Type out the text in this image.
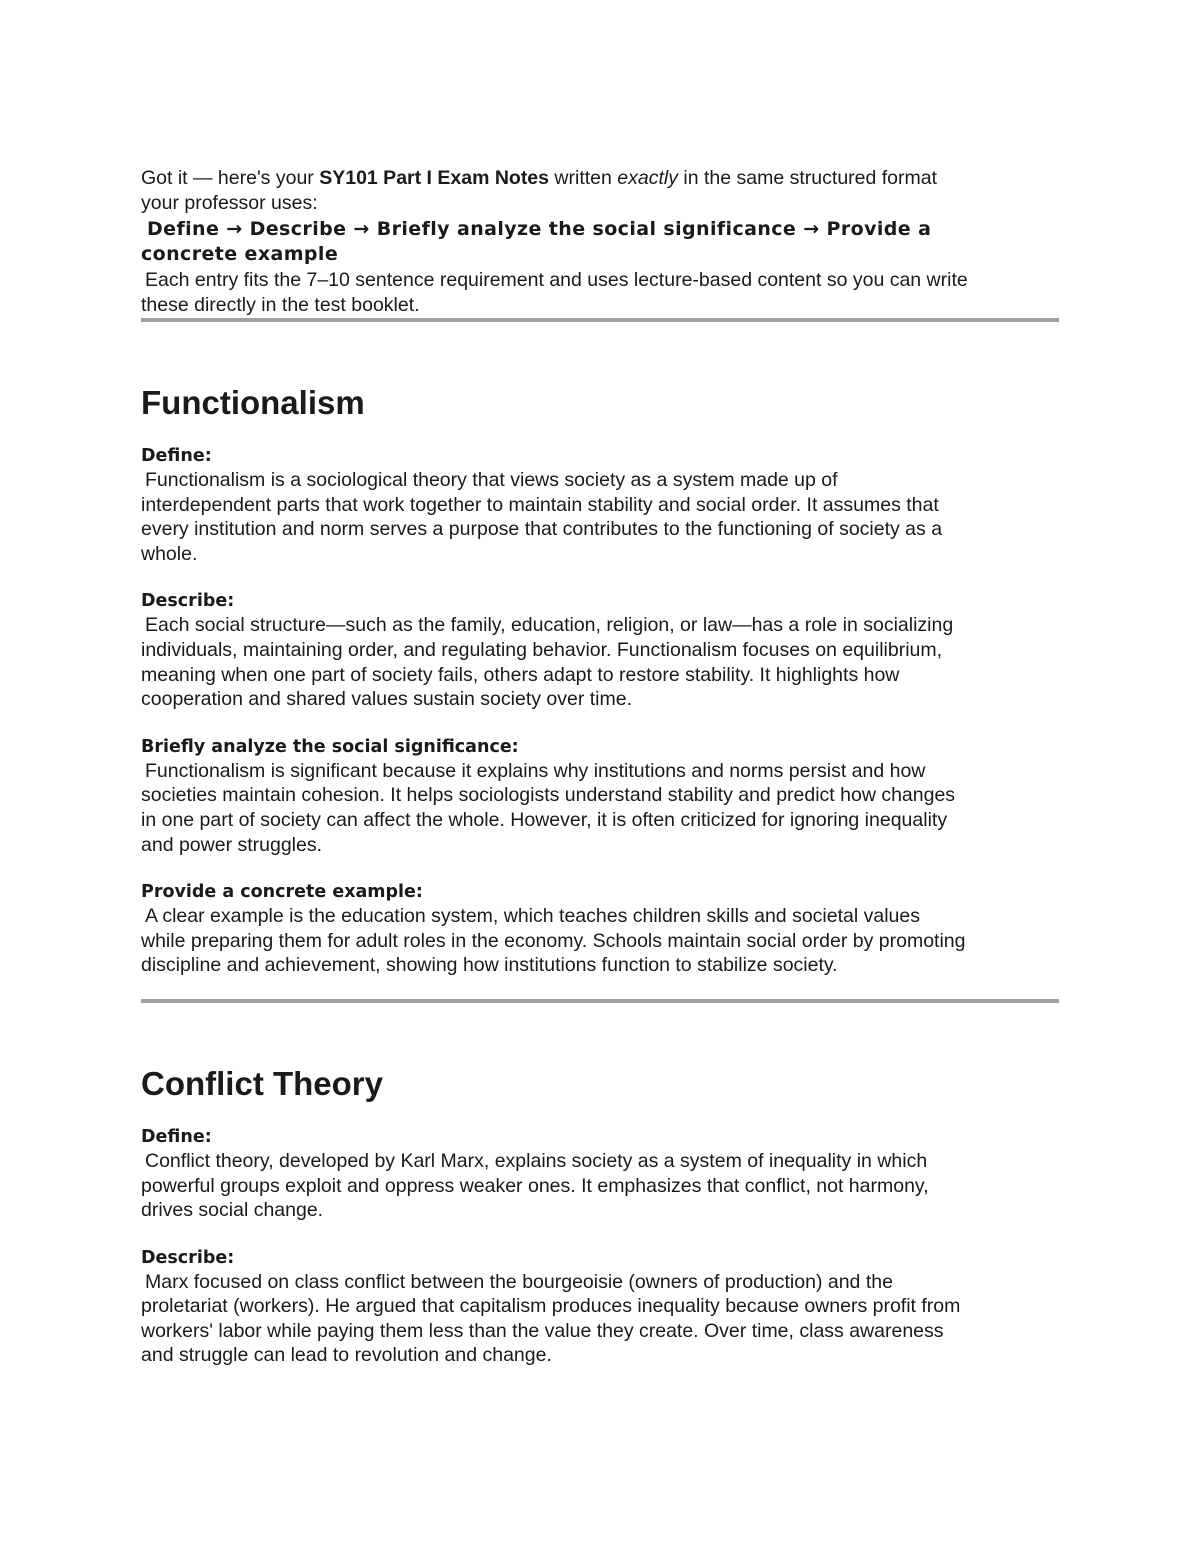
Got it — here's your SY101 Part I Exam Notes written exactly in the same structured format
your professor uses:
Define → Describe → Briefly analyze the social significance → Provide a
concrete example
Each entry fits the 7–10 sentence requirement and uses lecture-based content so you can write
these directly in the test booklet.

Functionalism

Define:

Functionalism is a sociological theory that views society as a system made up of
interdependent parts that work together to maintain stability and social order. It assumes that
every institution and norm serves a purpose that contributes to the functioning of society as a
whole.

Describe:

Each social structure—such as the family, education, religion, or law—has a role in socializing
individuals, maintaining order, and regulating behavior. Functionalism focuses on equilibrium,
meaning when one part of society fails, others adapt to restore stability. It highlights how
cooperation and shared values sustain society over time.

Briefly analyze the social significance:

Functionalism is significant because it explains why institutions and norms persist and how
societies maintain cohesion. It helps sociologists understand stability and predict how changes
in one part of society can affect the whole. However, it is often criticized for ignoring inequality
and power struggles.

Provide a concrete example:

A clear example is the education system, which teaches children skills and societal values
while preparing them for adult roles in the economy. Schools maintain social order by promoting
discipline and achievement, showing how institutions function to stabilize society.

Conflict Theory

Define:

Conflict theory, developed by Karl Marx, explains society as a system of inequality in which
powerful groups exploit and oppress weaker ones. It emphasizes that conflict, not harmony,
drives social change.

Describe:

Marx focused on class conflict between the bourgeoisie (owners of production) and the
proletariat (workers). He argued that capitalism produces inequality because owners profit from
workers' labor while paying them less than the value they create. Over time, class awareness
and struggle can lead to revolution and change.
